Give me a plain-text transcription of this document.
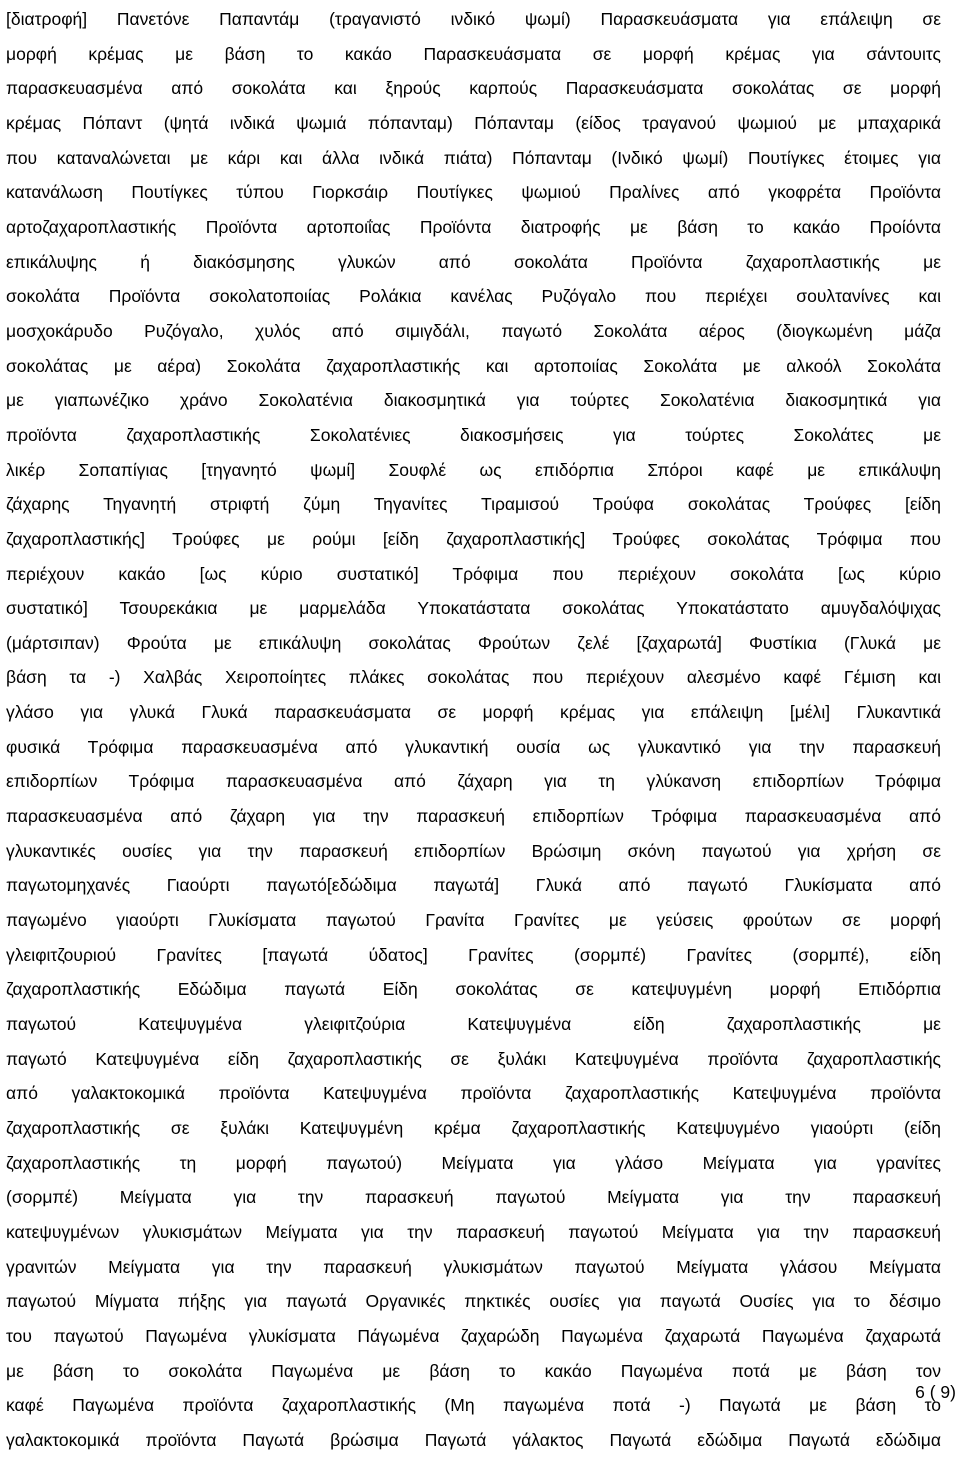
[διατροφή] Πανετόνε Παπαντάμ (τραγανιστό ινδικό ψωμί) Παρασκευάσματα για επάλειψη σε
μορφή κρέμας με βάση το κακάο Παρασκευάσματα σε μορφή κρέμας για σάντουιτς
παρασκευασμένα από σοκολάτα και ξηρούς καρπούς Παρασκευάσματα σοκολάτας σε μορφή
κρέμας Πόπαντ (ψητά ινδικά ψωμιά πόπανταμ) Πόπανταμ (είδος τραγανού ψωμιού με μπαχαρικά
που καταναλώνεται με κάρι και άλλα ινδικά πιάτα) Πόπανταμ (Ινδικό ψωμί) Πουτίγκες έτοιμες για
κατανάλωση Πουτίγκες τύπου Γιορκσάιρ Πουτίγκες ψωμιού Πραλίνες από γκοφρέτα Προϊόντα
αρτοζαχαροπλαστικής Προϊόντα αρτοποιΐας Προϊόντα διατροφής με βάση το κακάο Προίόντα
επικάλυψης ή διακόσμησης γλυκών από σοκολάτα Προϊόντα ζαχαροπλαστικής με
σοκολάτα Προϊόντα σοκολατοποιίας Ρολάκια κανέλας Ρυζόγαλο που περιέχει σουλτανίνες και
μοσχοκάρυδο Ρυζόγαλο, χυλός από σιμιγδάλι, παγωτό Σοκολάτα αέρος (διογκωμένη μάζα
σοκολάτας με αέρα) Σοκολάτα ζαχαροπλαστικής και αρτοποιίας Σοκολάτα με αλκοόλ Σοκολάτα
με γιαπωνέζικο χράνο Σοκολατένια διακοσμητικά για τούρτες Σοκολατένια διακοσμητικά για
προϊόντα ζαχαροπλαστικής Σοκολατένιες διακοσμήσεις για τούρτες Σοκολάτες με
λικέρ Σοπαπίγιας [τηγανητό ψωμί] Σουφλέ ως επιδόρπια Σπόροι καφέ με επικάλυψη
ζάχαρης Τηγανητή στριφτή ζύμη Τηγανίτες Τιραμισού Τρούφα σοκολάτας Τρούφες [είδη
ζαχαροπλαστικής] Τρούφες με ρούμι [είδη ζαχαροπλαστικής] Τρούφες σοκολάτας Τρόφιμα που
περιέχουν κακάο [ως κύριο συστατικό] Τρόφιμα που περιέχουν σοκολάτα [ως κύριο
συστατικό] Τσουρεκάκια με μαρμελάδα Υποκατάστατα σοκολάτας Υποκατάστατο αμυγδαλόψιχας
(μάρτσιπαν) Φρούτα με επικάλυψη σοκολάτας Φρούτων ζελέ [ζαχαρωτά] Φυστίκια (Γλυκά με
βάση τα -) Χαλβάς Χειροποίητες πλάκες σοκολάτας που περιέχουν αλεσμένο καφέ Γέμιση και
γλάσο για γλυκά Γλυκά παρασκευάσματα σε μορφή κρέμας για επάλειψη [μέλι] Γλυκαντικά
φυσικά Τρόφιμα παρασκευασμένα από γλυκαντική ουσία ως γλυκαντικό για την παρασκευή
επιδορπίων Τρόφιμα παρασκευασμένα από ζάχαρη για τη γλύκανση επιδορπίων Τρόφιμα
παρασκευασμένα από ζάχαρη για την παρασκευή επιδορπίων Τρόφιμα παρασκευασμένα από
γλυκαντικές ουσίες για την παρασκευή επιδορπίων Βρώσιμη σκόνη παγωτού για χρήση σε
παγωτομηχανές Γιαούρτι παγωτό[εδώδιμα παγωτά] Γλυκά από παγωτό Γλυκίσματα από
παγωμένο γιαούρτι Γλυκίσματα παγωτού Γρανίτα Γρανίτες με γεύσεις φρούτων σε μορφή
γλειφιτζουριού Γρανίτες [παγωτά ύδατος] Γρανίτες (σορμπέ) Γρανίτες (σορμπέ), είδη
ζαχαροπλαστικής Εδώδιμα παγωτά Είδη σοκολάτας σε κατεψυγμένη μορφή Επιδόρπια
παγωτού Κατεψυγμένα γλειφιτζούρια Κατεψυγμένα είδη ζαχαροπλαστικής με
παγωτό Κατεψυγμένα είδη ζαχαροπλαστικής σε ξυλάκι Κατεψυγμένα προϊόντα ζαχαροπλαστικής
από γαλακτοκομικά προϊόντα Κατεψυγμένα προϊόντα ζαχαροπλαστικής Κατεψυγμένα προϊόντα
ζαχαροπλαστικής σε ξυλάκι Κατεψυγμένη κρέμα ζαχαροπλαστικής Κατεψυγμένο γιαούρτι (είδη
ζαχαροπλαστικής τη μορφή παγωτού) Μείγματα για γλάσο Μείγματα για γρανίτες
(σορμπέ) Μείγματα για την παρασκευή παγωτού Μείγματα για την παρασκευή
κατεψυγμένων γλυκισμάτων Μείγματα για την παρασκευή παγωτού Μείγματα για την παρασκευή
γρανιτών Μείγματα για την παρασκευή γλυκισμάτων παγωτού Μείγματα γλάσου Μείγματα
παγωτού Μίγματα πήξης για παγωτά Οργανικές πηκτικές ουσίες για παγωτά Ουσίες για το δέσιμο
του παγωτού Παγωμένα γλυκίσματα Πάγωμένα ζαχαρώδη Παγωμένα ζαχαρωτά Παγωμένα ζαχαρωτά
με βάση το σοκολάτα Παγωμένα με βάση το κακάο Παγωμένα ποτά με βάση τον
καφέ Παγωμένα προϊόντα ζαχαροπλαστικής (Μη παγωμένα ποτά -) Παγωτά με βάση το
γαλακτοκομικά προϊόντα Παγωτά βρώσιμα Παγωτά γάλακτος Παγωτά εδώδιμα Παγωτά εδώδιμα
6 ( 9)
